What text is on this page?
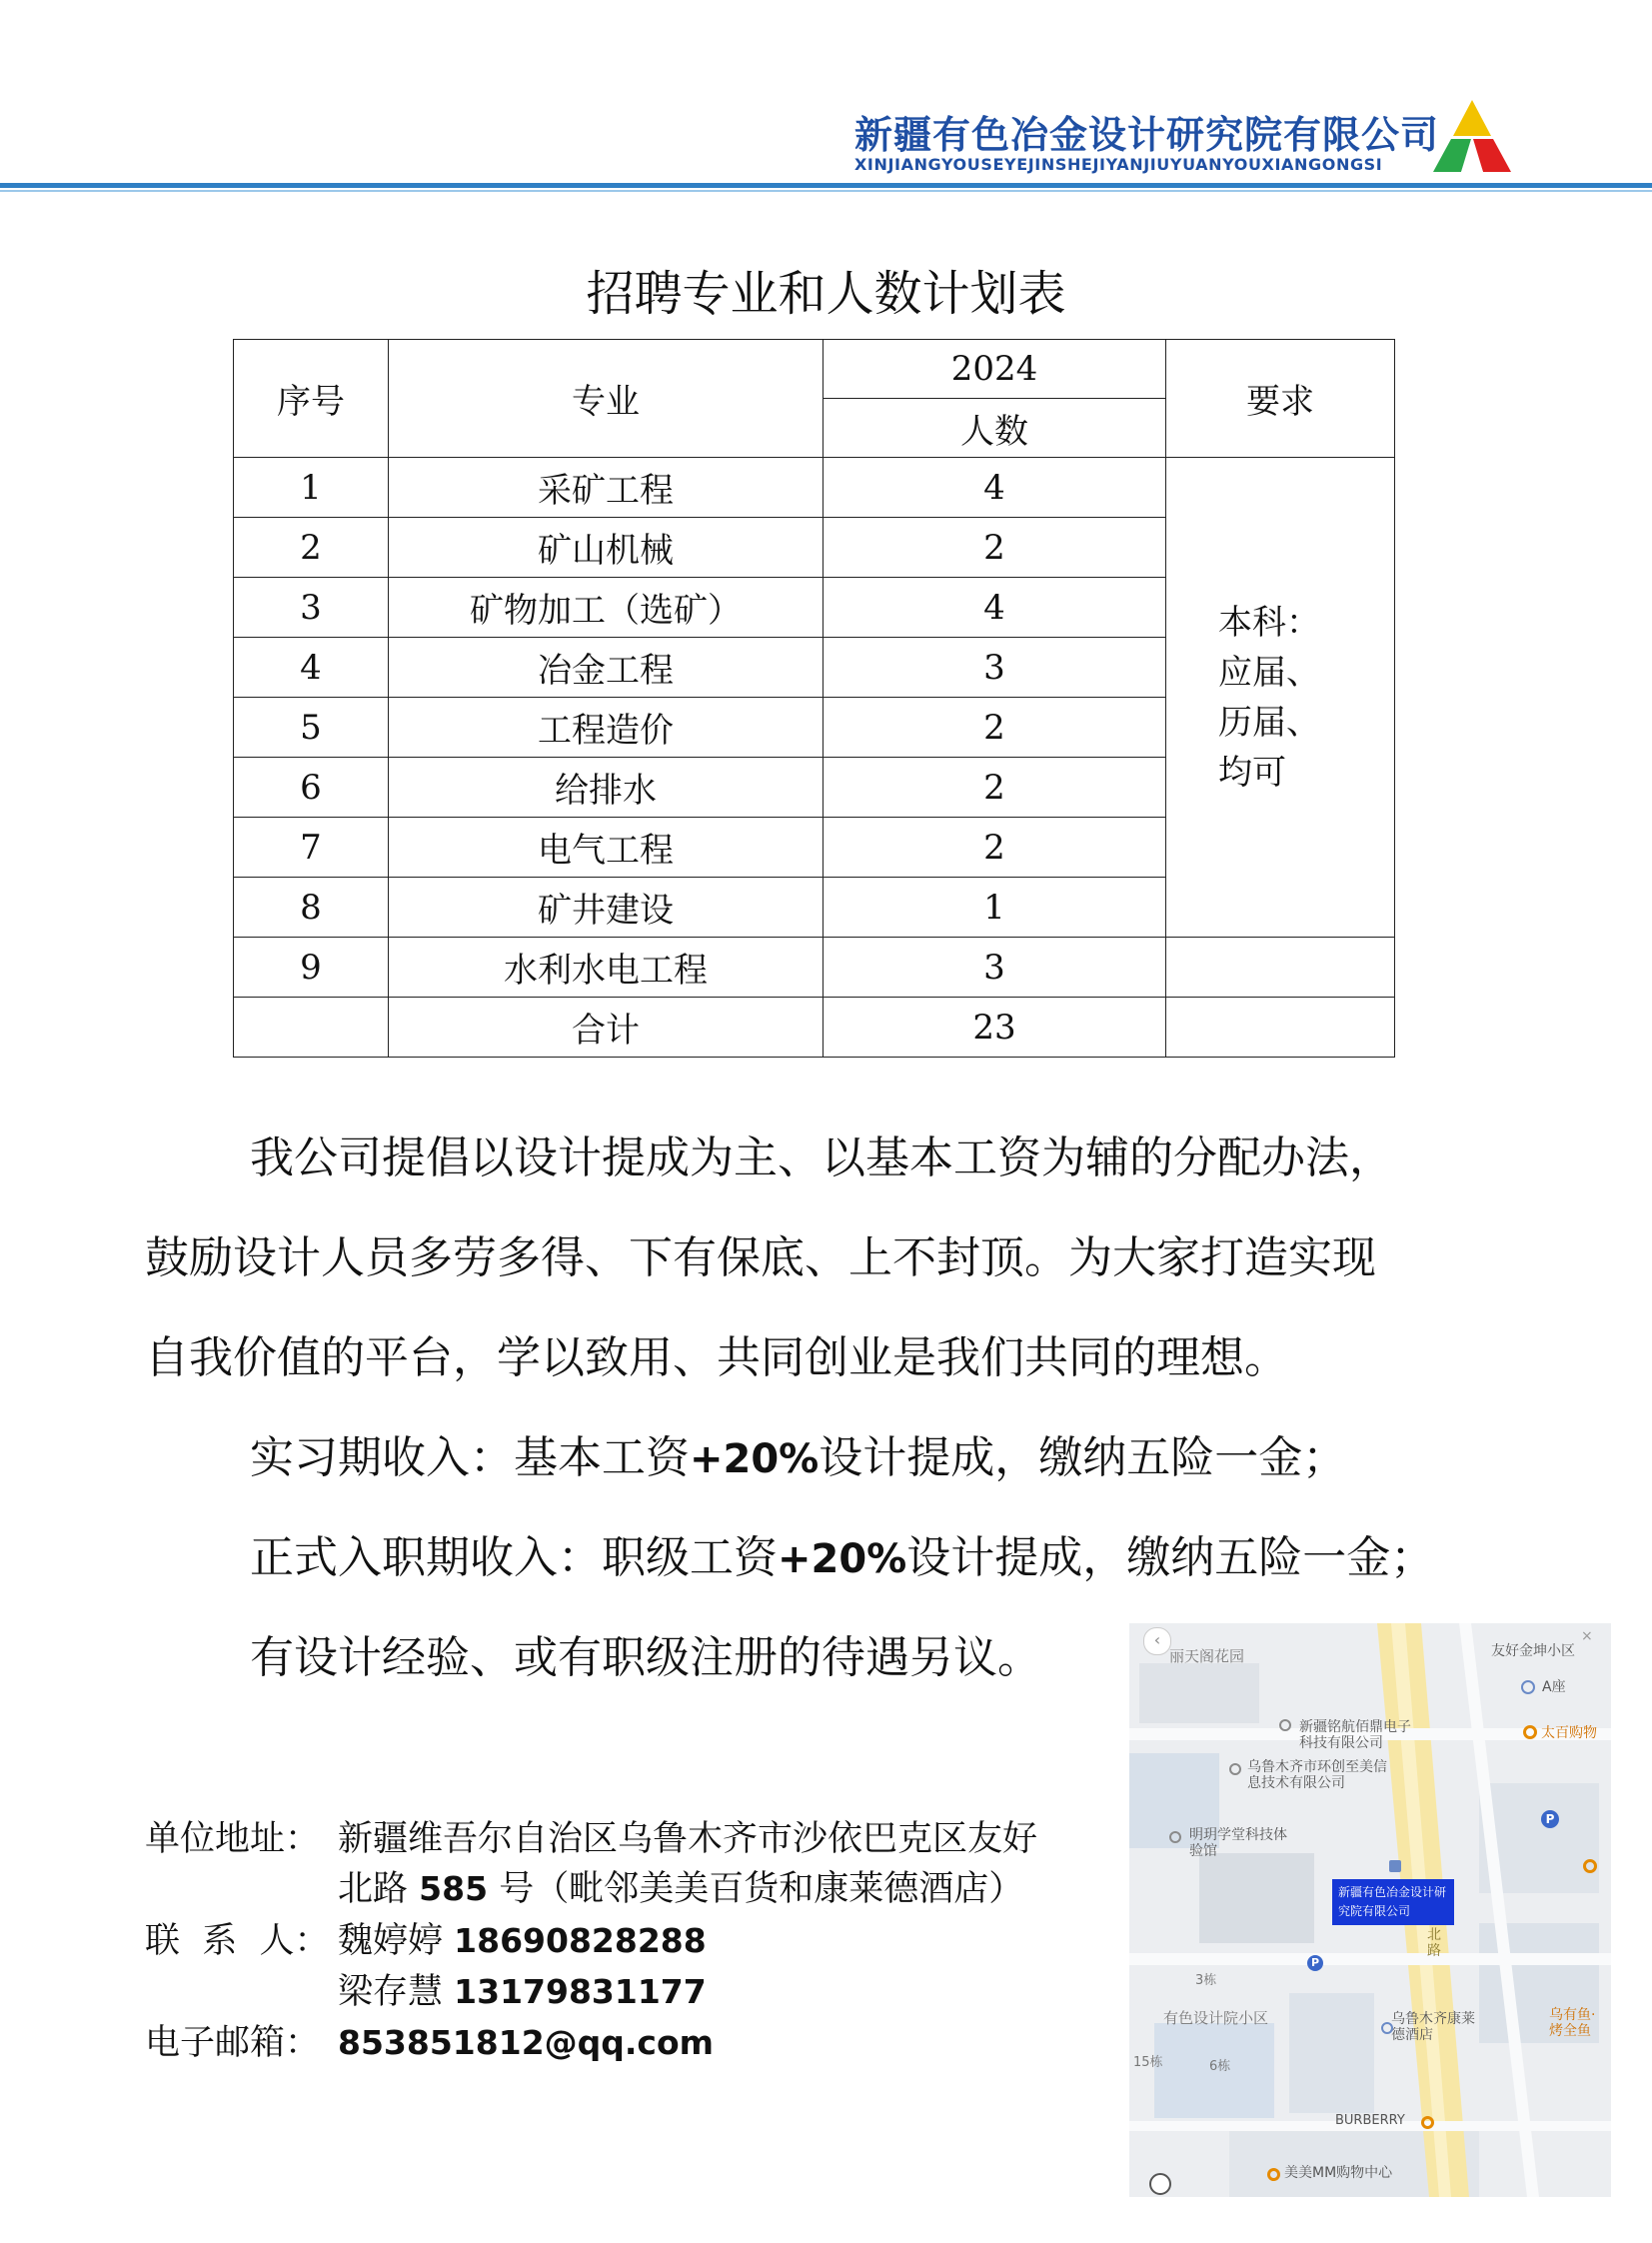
新疆有色冶金设计研究院有限公司
XINJIANGYOUSEYEJINSHEJIYANJIUYUANYOUXIANGONGSI
招聘专业和人数计划表
序号	专业	2024	要求
		人数	
1	采矿工程	4	本科：
应届、
历届、
均可

2	矿山机械	2	
3	矿物加工（选矿）	4	
4	冶金工程	3	
5	工程造价	2	
6	给排水	2	
7	电气工程	2	
8	矿井建设	1	
9	水利水电工程	3	
	合计	23	
我公司提倡以设计提成为主、以基本工资为辅的分配办法，
鼓励设计人员多劳多得、下有保底、上不封顶。为大家打造实现
自我价值的平台，学以致用、共同创业是我们共同的理想。
实习期收入：基本工资+20%设计提成，缴纳五险一金；
正式入职期收入：职级工资+20%设计提成，缴纳五险一金；
有设计经验、或有职级注册的待遇另议。
单位地址： 新疆维吾尔自治区乌鲁木齐市沙依巴克区友好
北路 585 号（毗邻美美百货和康莱德酒店）
联  系  人： 魏婷婷 18690828288
梁存慧 13179831177
电子邮箱： 853851812@qq.com
丽天阁花园	友好金坤小区
A座
太百购物
新疆铭航佰鼎电子科技有限公司
乌鲁木齐市环创至美信息技术有限公司
明玥学堂科技体验馆
北路
新疆有色冶金设计研究院有限公司
3栋
有色设计院小区
15栋	6栋
乌鲁木齐康莱德酒店
乌有鱼·烤全鱼
BURBERRY
美美MM购物中心
‹	×
P
P
